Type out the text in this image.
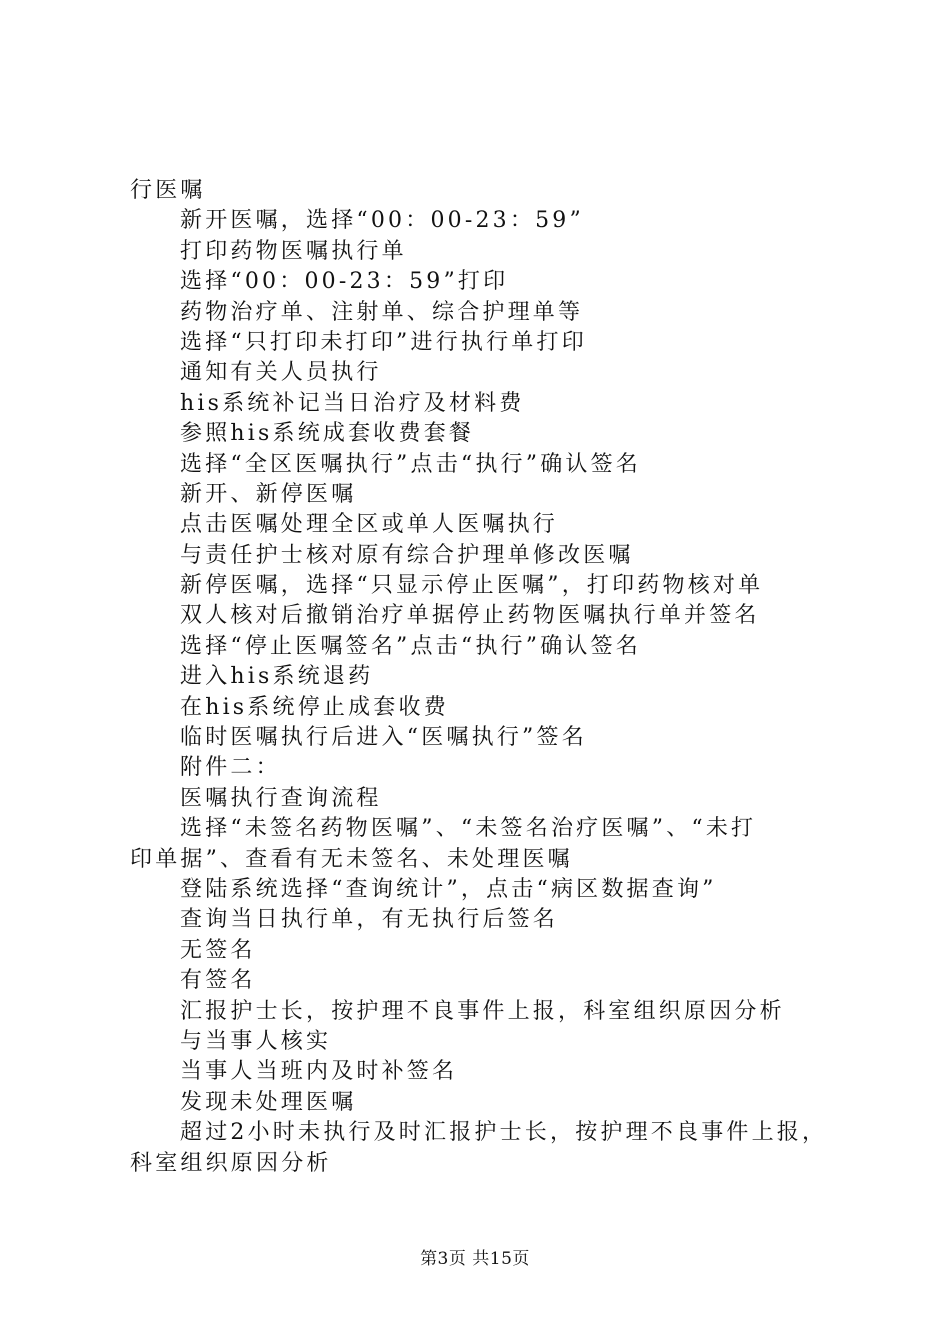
行医嘱
新开医嘱，选择“00：00-23：59”
打印药物医嘱执行单
选择“00：00-23：59”打印
药物治疗单、注射单、综合护理单等
选择“只打印未打印”进行执行单打印
通知有关人员执行
his系统补记当日治疗及材料费
参照his系统成套收费套餐
选择“全区医嘱执行”点击“执行”确认签名
新开、新停医嘱
点击医嘱处理全区或单人医嘱执行
与责任护士核对原有综合护理单修改医嘱
新停医嘱，选择“只显示停止医嘱”，打印药物核对单
双人核对后撤销治疗单据停止药物医嘱执行单并签名
选择“停止医嘱签名”点击“执行”确认签名
进入his系统退药
在his系统停止成套收费
临时医嘱执行后进入“医嘱执行”签名
附件二：
医嘱执行查询流程
选择“未签名药物医嘱”、“未签名治疗医嘱”、“未打
印单据”、查看有无未签名、未处理医嘱
登陆系统选择“查询统计”，点击“病区数据查询”
查询当日执行单，有无执行后签名
无签名
有签名
汇报护士长，按护理不良事件上报，科室组织原因分析
与当事人核实
当事人当班内及时补签名
发现未处理医嘱
超过2小时未执行及时汇报护士长，按护理不良事件上报，
科室组织原因分析
第3页 共15页
